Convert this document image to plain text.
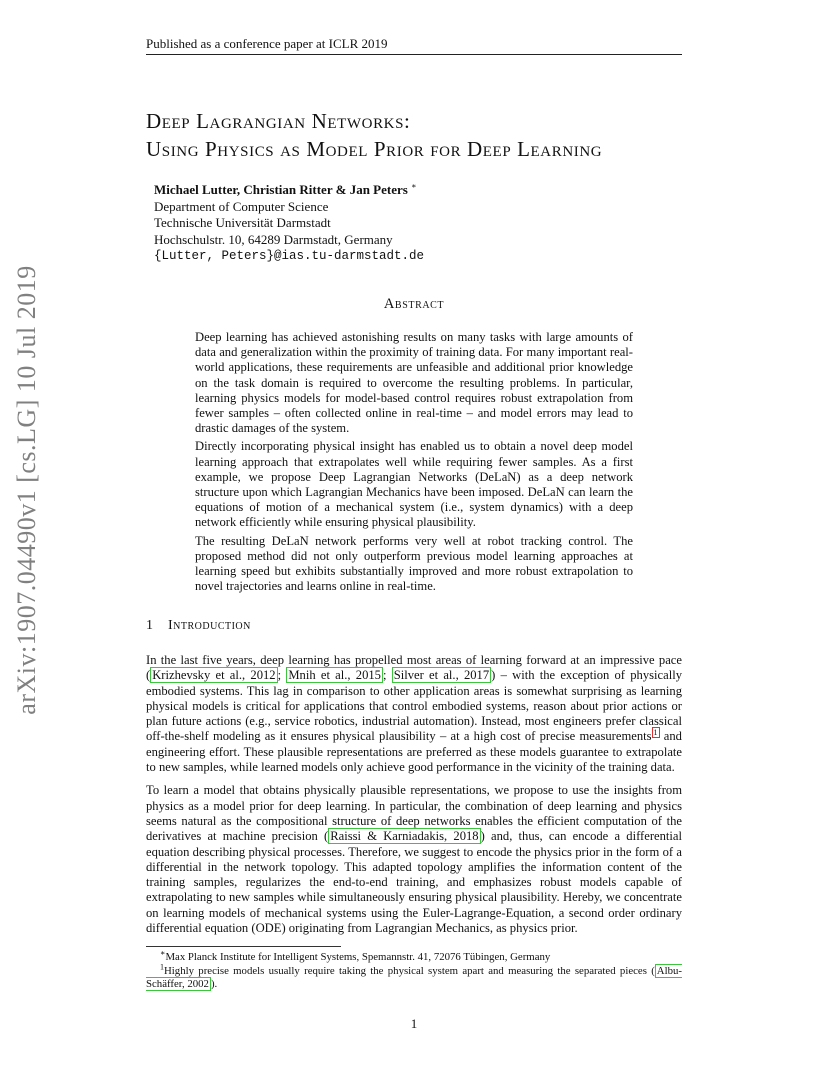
Published as a conference paper at ICLR 2019
arXiv:1907.04490v1 [cs.LG] 10 Jul 2019
Deep Lagrangian Networks:
Using Physics as Model Prior for Deep Learning
Michael Lutter, Christian Ritter & Jan Peters ∗
Department of Computer Science
Technische Universität Darmstadt
Hochschulstr. 10, 64289 Darmstadt, Germany
{Lutter, Peters}@ias.tu-darmstadt.de
Abstract

Deep learning has achieved astonishing results on many tasks with large amounts of data and generalization within the proximity of training data. For many important real-world applications, these requirements are unfeasible and additional prior knowledge on the task domain is required to overcome the resulting problems. In particular, learning physics models for model-based control requires robust extrapolation from fewer samples – often collected online in real-time – and model errors may lead to drastic damages of the system.

Directly incorporating physical insight has enabled us to obtain a novel deep model learning approach that extrapolates well while requiring fewer samples. As a first example, we propose Deep Lagrangian Networks (DeLaN) as a deep network structure upon which Lagrangian Mechanics have been imposed. DeLaN can learn the equations of motion of a mechanical system (i.e., system dynamics) with a deep network efficiently while ensuring physical plausibility.

The resulting DeLaN network performs very well at robot tracking control. The proposed method did not only outperform previous model learning approaches at learning speed but exhibits substantially improved and more robust extrapolation to novel trajectories and learns online in real-time.

1 Introduction

In the last five years, deep learning has propelled most areas of learning forward at an impressive pace ( Krizhevsky et al., 2012 ; Mnih et al., 2015 ; Silver et al., 2017 ) – with the exception of physically embodied systems. This lag in comparison to other application areas is somewhat surprising as learning physical models is critical for applications that control embodied systems, reason about prior actions or plan future actions (e.g., service robotics, industrial automation). Instead, most engineers prefer classical off-the-shelf modeling as it ensures physical plausibility – at a high cost of precise measurements $^1$ and engineering effort. These plausible representations are preferred as these models guarantee to extrapolate to new samples, while learned models only achieve good performance in the vicinity of the training data.

To learn a model that obtains physically plausible representations, we propose to use the insights from physics as a model prior for deep learning. In particular, the combination of deep learning and physics seems natural as the compositional structure of deep networks enables the efficient computation of the derivatives at machine precision ( Raissi & Karniadakis, 2018 ) and, thus, can encode a differential equation describing physical processes. Therefore, we suggest to encode the physics prior in the form of a differential in the network topology. This adapted topology amplifies the information content of the training samples, regularizes the end-to-end training, and emphasizes robust models capable of extrapolating to new samples while simultaneously ensuring physical plausibility. Hereby, we concentrate on learning models of mechanical systems using the Euler-Lagrange-Equation, a second order ordinary differential equation (ODE) originating from Lagrangian Mechanics, as physics prior.

∗Max Planck Institute for Intelligent Systems, Spemannstr. 41, 72076 Tübingen, Germany

$^1$Highly precise models usually require taking the physical system apart and measuring the separated pieces ( Albu-Schäffer, 2002 ).

1
